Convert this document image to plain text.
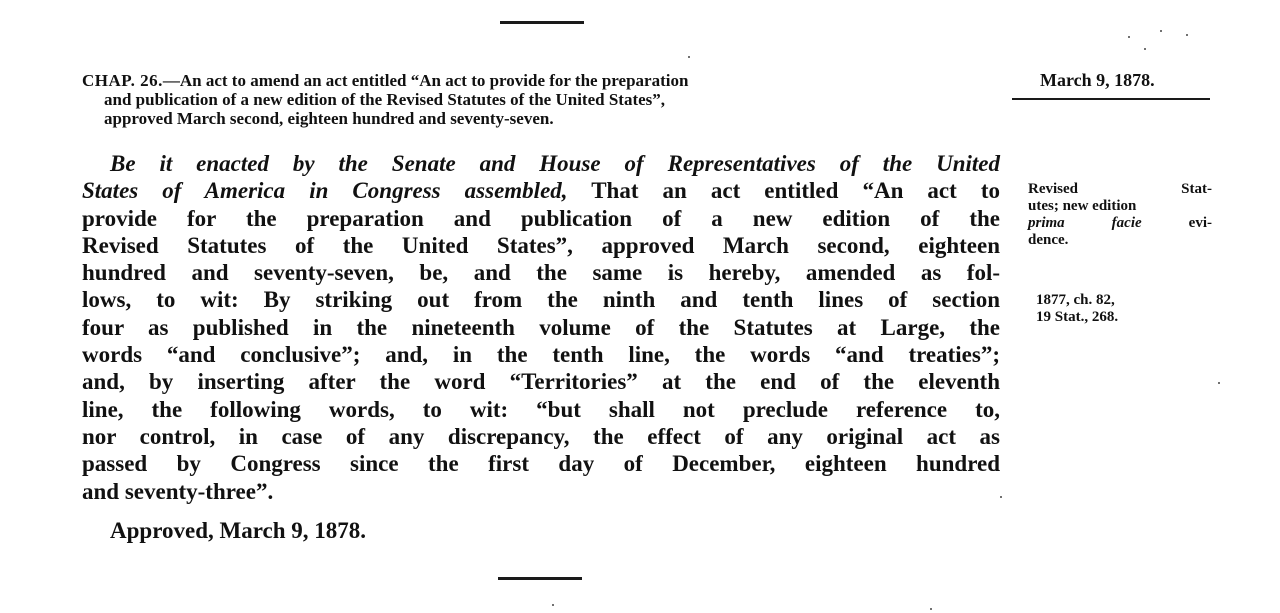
CHAP. 26.—An act to amend an act entitled “An act to provide for the preparation
and publication of a new edition of the Revised Statutes of the United States”,
approved March second, eighteen hundred and seventy-seven.
March 9, 1878.
Be it enacted by the Senate and House of Representatives of the United
States of America in Congress assembled, That an act entitled “An act to
provide for the preparation and publication of a new edition of the
Revised Statutes of the United States”, approved March second, eighteen
hundred and seventy-seven, be, and the same is hereby, amended as fol-
lows, to wit: By striking out from the ninth and tenth lines of section
four as published in the nineteenth volume of the Statutes at Large, the
words “and conclusive”; and, in the tenth line, the words “and treaties”;
and, by inserting after the word “Territories” at the end of the eleventh
line, the following words, to wit: “but shall not preclude reference to,
nor control, in case of any discrepancy, the effect of any original act as
passed by Congress since the first day of December, eighteen hundred
and seventy-three”.
Approved, March 9, 1878.
Revised Stat-
utes; new edition
prima facie evi-
dence.
1877, ch. 82,
19 Stat., 268.
